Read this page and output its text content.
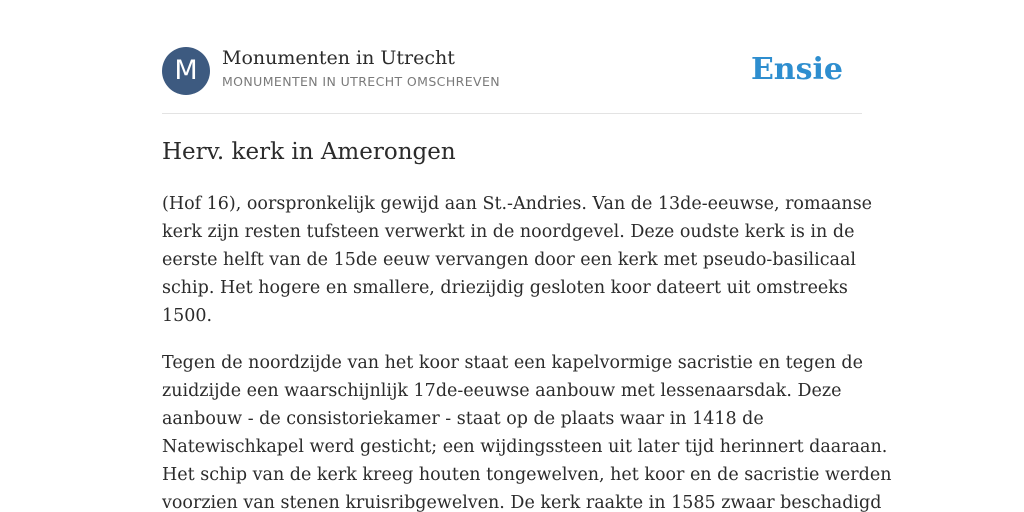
M	Monumenten in Utrecht
MONUMENTEN IN UTRECHT OMSCHREVEN	Ensie
Herv. kerk in Amerongen

(Hof 16), oorspronkelijk gewijd aan St.-Andries. Van de 13de-eeuwse, romaanse
kerk zijn resten tufsteen verwerkt in de noordgevel. Deze oudste kerk is in de
eerste helft van de 15de eeuw vervangen door een kerk met pseudo-basilicaal
schip. Het hogere en smallere, driezijdig gesloten koor dateert uit omstreeks
1500.

Tegen de noordzijde van het koor staat een kapelvormige sacristie en tegen de
zuidzijde een waarschijnlijk 17de-eeuwse aanbouw met lessenaarsdak. Deze
aanbouw - de consistoriekamer - staat op de plaats waar in 1418 de
Natewischkapel werd gesticht; een wijdingssteen uit later tijd herinnert daaraan.
Het schip van de kerk kreeg houten tongewelven, het koor en de sacristie werden
voorzien van stenen kruisribgewelven. De kerk raakte in 1585 zwaar beschadigd
